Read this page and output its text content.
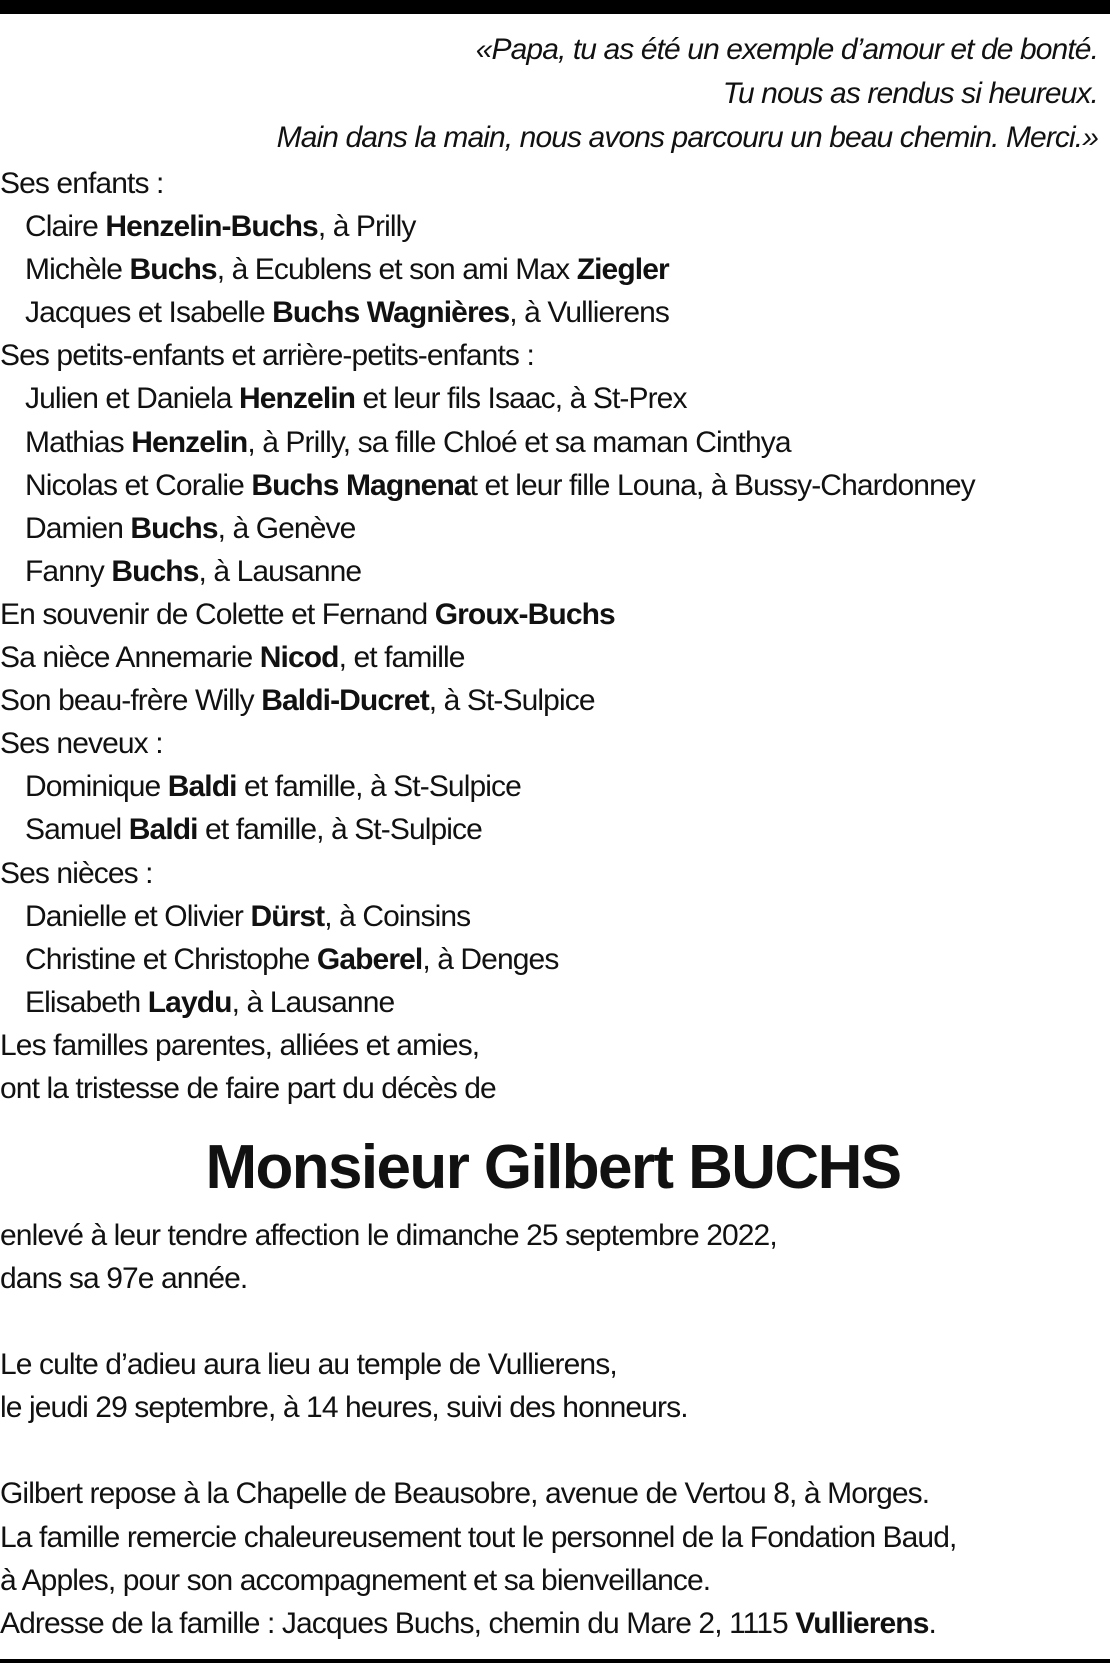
«Papa, tu as été un exemple d’amour et de bonté.
Tu nous as rendus si heureux.
Main dans la main, nous avons parcouru un beau chemin. Merci.»
Ses enfants :
Claire Henzelin-Buchs, à Prilly
Michèle Buchs, à Ecublens et son ami Max Ziegler
Jacques et Isabelle Buchs Wagnières, à Vullierens
Ses petits-enfants et arrière-petits-enfants :
Julien et Daniela Henzelin et leur fils Isaac, à St-Prex
Mathias Henzelin, à Prilly, sa fille Chloé et sa maman Cinthya
Nicolas et Coralie Buchs Magnenat et leur fille Louna, à Bussy-Chardonney
Damien Buchs, à Genève
Fanny Buchs, à Lausanne
En souvenir de Colette et Fernand Groux-Buchs
Sa nièce Annemarie Nicod, et famille
Son beau-frère Willy Baldi-Ducret, à St-Sulpice
Ses neveux :
Dominique Baldi et famille, à St-Sulpice
Samuel Baldi et famille, à St-Sulpice
Ses nièces :
Danielle et Olivier Dürst, à Coinsins
Christine et Christophe Gaberel, à Denges
Elisabeth Laydu, à Lausanne
Les familles parentes, alliées et amies,
ont la tristesse de faire part du décès de
Monsieur Gilbert BUCHS
enlevé à leur tendre affection le dimanche 25 septembre 2022,
dans sa 97e année.
Le culte d’adieu aura lieu au temple de Vullierens,
le jeudi 29 septembre, à 14 heures, suivi des honneurs.
Gilbert repose à la Chapelle de Beausobre, avenue de Vertou 8, à Morges.
La famille remercie chaleureusement tout le personnel de la Fondation Baud,
à Apples, pour son accompagnement et sa bienveillance.
Adresse de la famille : Jacques Buchs, chemin du Mare 2, 1115 Vullierens.
